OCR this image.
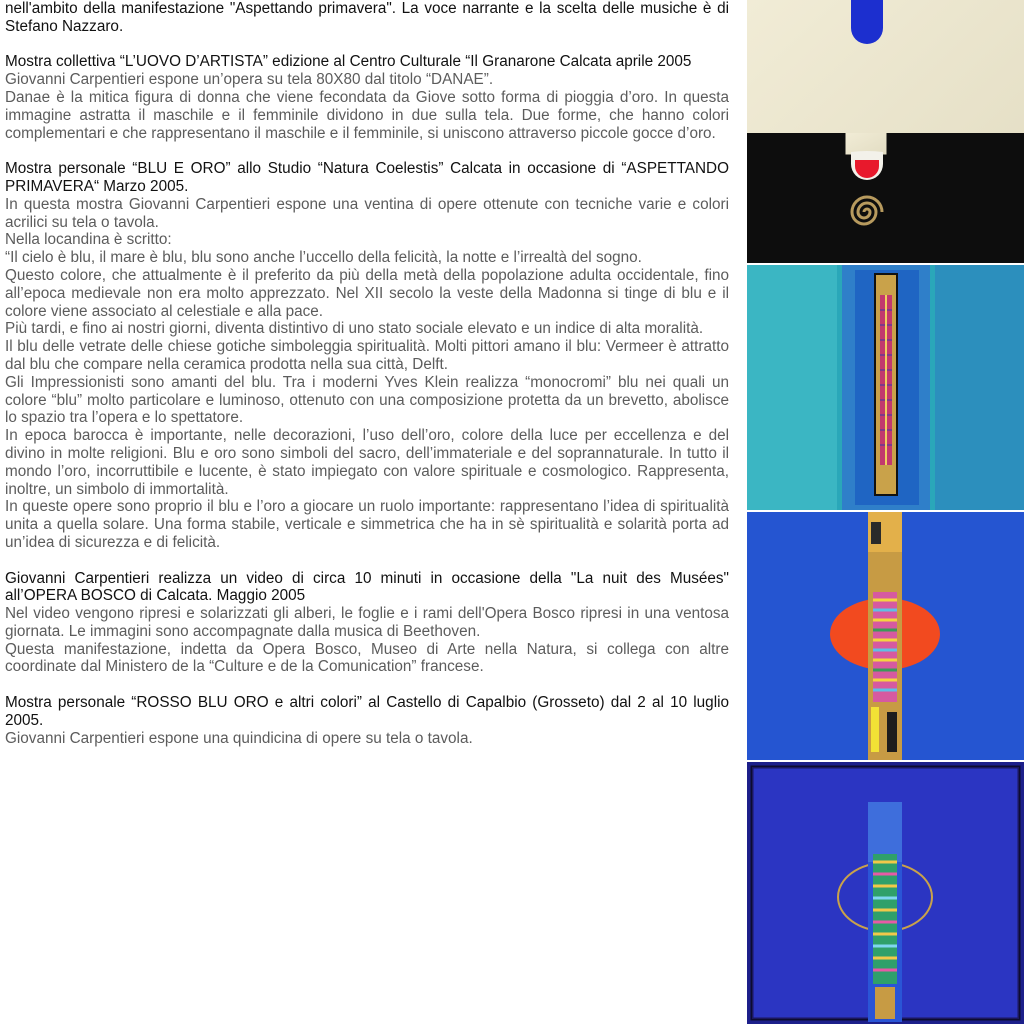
nell'ambito della manifestazione "Aspettando primavera". La voce narrante e la scelta delle musiche è di Stefano Nazzaro.

Mostra collettiva “L’UOVO D’ARTISTA” edizione al Centro Culturale “Il Granarone Calcata aprile 2005

Giovanni Carpentieri espone un’opera su tela 80X80 dal titolo “DANAE”.

Danae è la mitica figura di donna che viene fecondata da Giove sotto forma di pioggia d’oro. In questa immagine astratta il maschile e il femminile dividono in due sulla tela. Due forme, che hanno colori complementari e che rappresentano il maschile e il femminile, si uniscono attraverso piccole gocce d’oro.

Mostra personale “BLU E ORO” allo Studio “Natura Coelestis” Calcata in occasione di “ASPETTANDO PRIMAVERA“ Marzo 2005.

In questa mostra Giovanni Carpentieri espone una ventina di opere ottenute con tecniche varie e colori acrilici su tela o tavola.

Nella locandina è scritto:

“Il cielo è blu, il mare è blu, blu sono anche l’uccello della felicità, la notte e l’irrealtà del sogno.

Questo colore, che attualmente è il preferito da più della metà della popolazione adulta occidentale, fino all’epoca medievale non era molto apprezzato. Nel XII secolo la veste della Madonna si tinge di blu e il colore viene associato al celestiale e alla pace.

Più tardi, e fino ai nostri giorni, diventa distintivo di uno stato sociale elevato e un indice di alta moralità.

Il blu delle vetrate delle chiese gotiche simboleggia spiritualità. Molti pittori amano il blu: Vermeer è attratto dal blu che compare nella ceramica prodotta nella sua città, Delft.

Gli Impressionisti sono amanti del blu. Tra i moderni Yves Klein realizza “monocromi” blu nei quali un colore “blu” molto particolare e luminoso, ottenuto con una composizione protetta da un brevetto, abolisce lo spazio tra l’opera e lo spettatore.

In epoca barocca è importante, nelle decorazioni, l’uso dell’oro, colore della luce per eccellenza e del divino in molte religioni. Blu e oro sono simboli del sacro, dell’immateriale e del soprannaturale. In tutto il mondo l’oro, incorruttibile e lucente, è stato impiegato con valore spirituale e cosmologico. Rappresenta, inoltre, un simbolo di immortalità.

In queste opere sono proprio il blu e l’oro a giocare un ruolo importante: rappresentano l’idea di spiritualità unita a quella solare. Una forma stabile, verticale e simmetrica che ha in sè spiritualità e solarità porta ad un’idea di sicurezza e di felicità.

Giovanni Carpentieri realizza un video di circa 10 minuti in occasione della "La nuit des Musées" all’OPERA BOSCO di Calcata. Maggio 2005

Nel video vengono ripresi e solarizzati gli alberi, le foglie e i rami dell'Opera Bosco ripresi in una ventosa giornata. Le immagini sono accompagnate dalla musica di Beethoven.

Questa manifestazione, indetta da Opera Bosco, Museo di Arte nella Natura, si collega con altre coordinate dal Ministero de la “Culture e de la Comunication” francese.

Mostra personale “ROSSO BLU ORO e altri colori” al Castello di Capalbio (Grosseto) dal 2 al 10 luglio 2005.

Giovanni Carpentieri espone una quindicina di opere su tela o tavola.
